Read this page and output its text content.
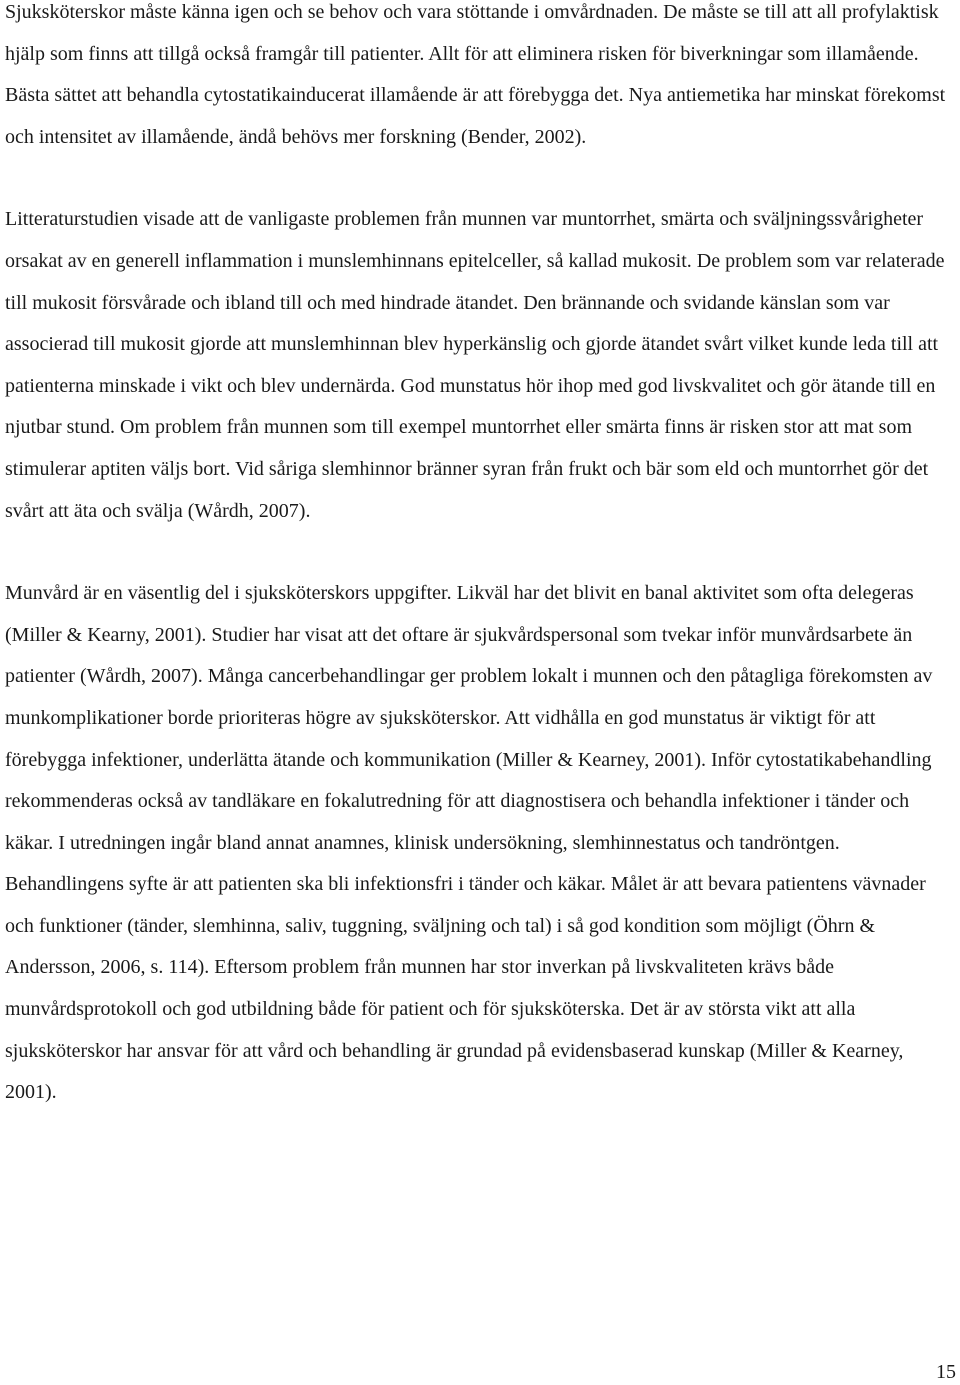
Sjuksköterskor måste känna igen och se behov och vara stöttande i omvårdnaden. De måste se till att all profylaktisk hjälp som finns att tillgå också framgår till patienter. Allt för att eliminera risken för biverkningar som illamående. Bästa sättet att behandla cytostatikainducerat illamående är att förebygga det. Nya antiemetika har minskat förekomst och intensitet av illamående, ändå behövs mer forskning (Bender, 2002).

Litteraturstudien visade att de vanligaste problemen från munnen var muntorrhet, smärta och sväljningssvårigheter orsakat av en generell inflammation i munslemhinnans epitelceller, så kallad mukosit. De problem som var relaterade till mukosit försvårade och ibland till och med hindrade ätandet. Den brännande och svidande känslan som var associerad till mukosit gjorde att munslemhinnan blev hyperkänslig och gjorde ätandet svårt vilket kunde leda till att patienterna minskade i vikt och blev undernärda. God munstatus hör ihop med god livskvalitet och gör ätande till en njutbar stund. Om problem från munnen som till exempel muntorrhet eller smärta finns är risken stor att mat som stimulerar aptiten väljs bort. Vid såriga slemhinnor bränner syran från frukt och bär som eld och muntorrhet gör det svårt att äta och svälja (Wårdh, 2007).

Munvård är en väsentlig del i sjuksköterskors uppgifter. Likväl har det blivit en banal aktivitet som ofta delegeras (Miller & Kearny, 2001). Studier har visat att det oftare är sjukvårdspersonal som tvekar inför munvårdsarbete än patienter (Wårdh, 2007). Många cancerbehandlingar ger problem lokalt i munnen och den påtagliga förekomsten av munkomplikationer borde prioriteras högre av sjuksköterskor. Att vidhålla en god munstatus är viktigt för att förebygga infektioner, underlätta ätande och kommunikation (Miller & Kearney, 2001). Inför cytostatikabehandling rekommenderas också av tandläkare en fokalutredning för att diagnostisera och behandla infektioner i tänder och käkar. I utredningen ingår bland annat anamnes, klinisk undersökning, slemhinnestatus och tandröntgen. Behandlingens syfte är att patienten ska bli infektionsfri i tänder och käkar. Målet är att bevara patientens vävnader och funktioner (tänder, slemhinna, saliv, tuggning, sväljning och tal) i så god kondition som möjligt (Öhrn & Andersson, 2006, s. 114). Eftersom problem från munnen har stor inverkan på livskvaliteten krävs både munvårdsprotokoll och god utbildning både för patient och för sjuksköterska. Det är av största vikt att alla sjuksköterskor har ansvar för att vård och behandling är grundad på evidensbaserad kunskap (Miller & Kearney, 2001).

15
